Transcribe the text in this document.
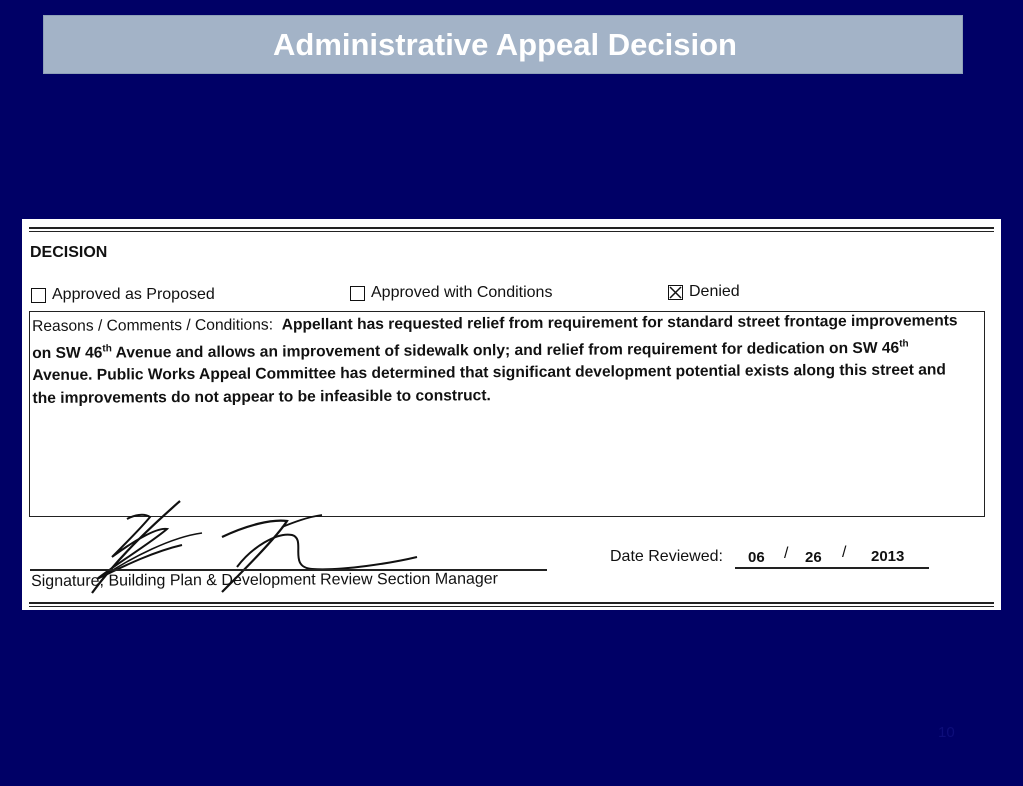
Administrative Appeal Decision
DECISION
Approved as Proposed	Approved with Conditions	Denied
Reasons / Comments / Conditions: Appellant has requested relief from requirement for standard street frontage improvements on SW 46th Avenue and allows an improvement of sidewalk only; and relief from requirement for dedication on SW 46th Avenue. Public Works Appeal Committee has determined that significant development potential exists along this street and the improvements do not appear to be infeasible to construct.
Signature, Building Plan & Development Review Section Manager
Date Reviewed: 06 / 26 / 2013
10
